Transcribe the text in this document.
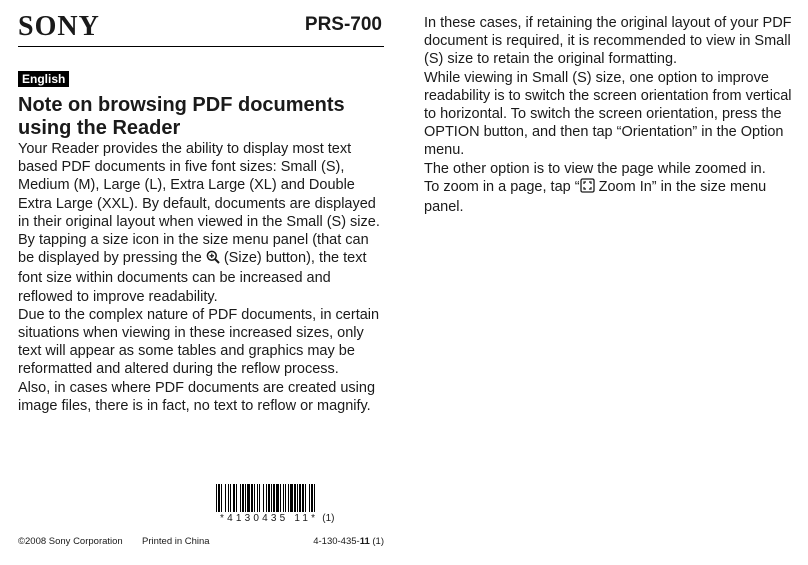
SONY	PRS-700
English
Note on browsing PDF documents using the Reader

Your Reader provides the ability to display most text based PDF documents in five font sizes: Small (S), Medium (M), Large (L), Extra Large (XL) and Double Extra Large (XXL). By default, documents are displayed in their original layout when viewed in the Small (S) size.

By tapping a size icon in the size menu panel (that can be displayed by pressing the  (Size) button), the text font size within documents can be increased and reflowed to improve readability.

Due to the complex nature of PDF documents, in certain situations when viewing in these increased sizes, only text will appear as some tables and graphics may be reformatted and altered during the reflow process.

Also, in cases where PDF documents are created using image files, there is in fact, no text to reflow or magnify.

In these cases, if retaining the original layout of your PDF document is required, it is recommended to view in Small (S) size to retain the original formatting.

While viewing in Small (S) size, one option to improve readability is to switch the screen orientation from vertical to horizontal. To switch the screen orientation, press the OPTION button, and then tap “Orientation” in the Option menu.

The other option is to view the page while zoomed in.

To zoom in a page, tap “ Zoom In” in the size menu panel.

*4130435 11* (1)
©2008 Sony Corporation Printed in China	4-130-435-11 (1)
